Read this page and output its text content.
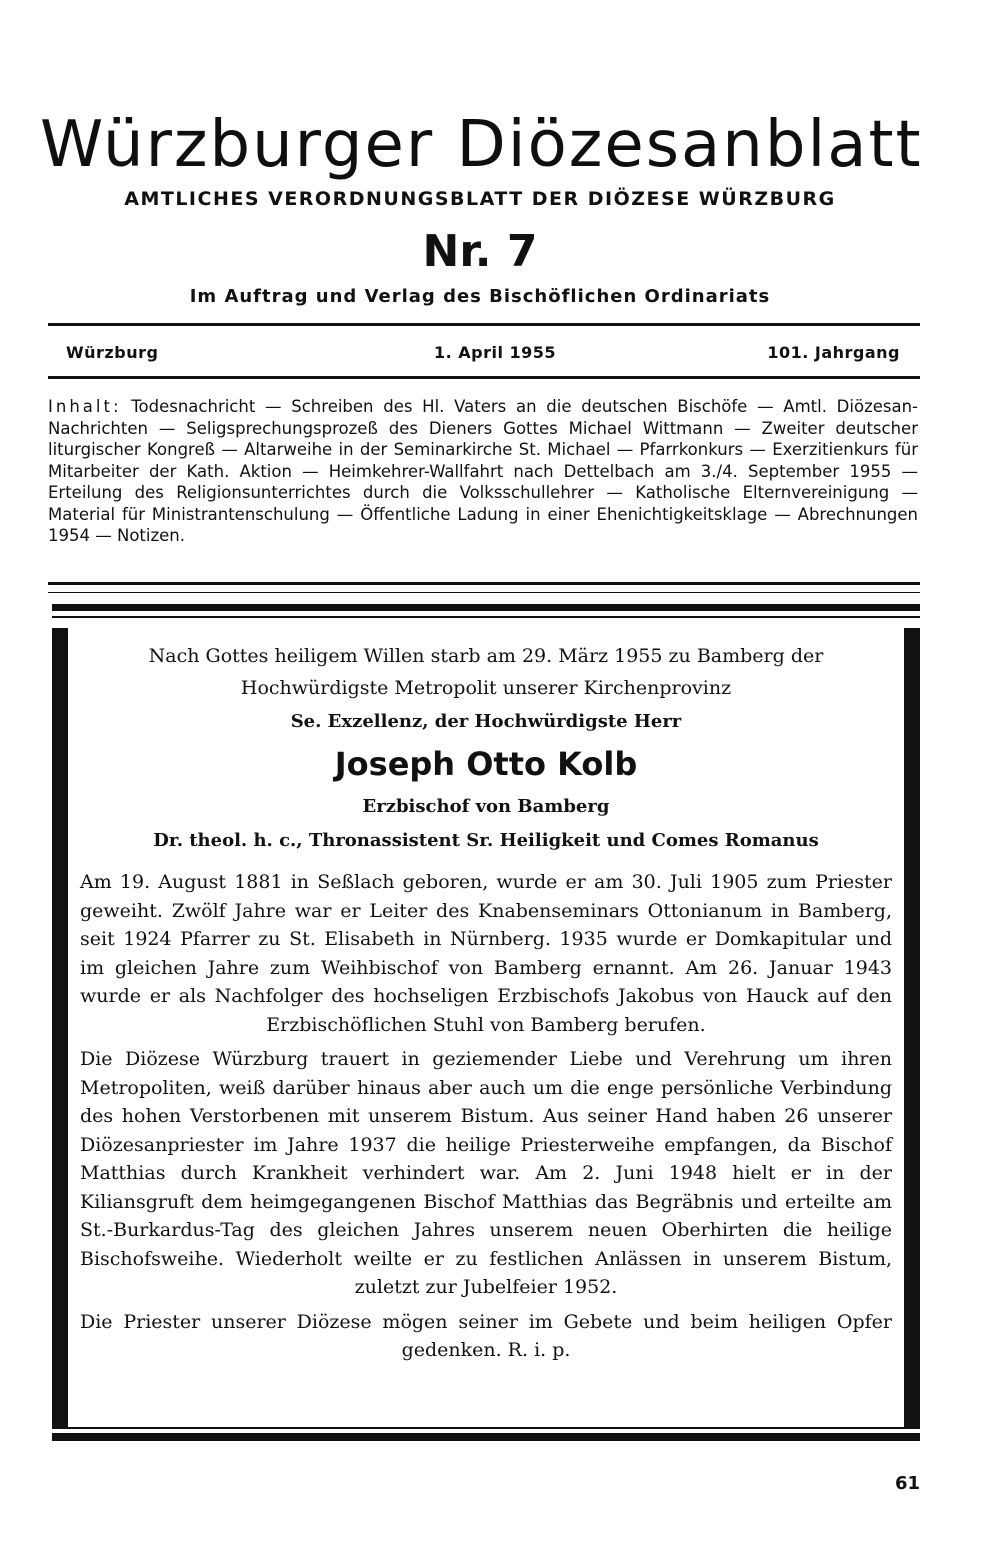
Würzburger Diözesanblatt
AMTLICHES VERORDNUNGSBLATT DER DIÖZESE WÜRZBURG
Nr. 7
Im Auftrag und Verlag des Bischöflichen Ordinariats
Würzburg	1. April 1955	101. Jahrgang

Inhalt: Todesnachricht — Schreiben des Hl. Vaters an die deutschen Bischöfe — Amtl. Diözesan-Nachrichten — Seligsprechungsprozeß des Dieners Gottes Michael Wittmann — Zweiter deutscher liturgischer Kongreß — Altarweihe in der Seminarkirche St. Michael — Pfarrkonkurs — Exerzitienkurs für Mitarbeiter der Kath. Aktion — Heimkehrer-Wallfahrt nach Dettelbach am 3./4. September 1955 — Erteilung des Religionsunterrichtes durch die Volksschullehrer — Katholische Elternvereinigung — Material für Ministrantenschulung — Öffentliche Ladung in einer Ehenichtigkeitsklage — Abrechnungen 1954 — Notizen.

Nach Gottes heiligem Willen starb am 29. März 1955 zu Bamberg der Hochwürdigste Metropolit unserer Kirchenprovinz

Se. Exzellenz, der Hochwürdigste Herr

Joseph Otto Kolb

Erzbischof von Bamberg

Dr. theol. h. c., Thronassistent Sr. Heiligkeit und Comes Romanus

Am 19. August 1881 in Seßlach geboren, wurde er am 30. Juli 1905 zum Priester geweiht. Zwölf Jahre war er Leiter des Knabenseminars Ottonianum in Bamberg, seit 1924 Pfarrer zu St. Elisabeth in Nürnberg. 1935 wurde er Domkapitular und im gleichen Jahre zum Weihbischof von Bamberg ernannt. Am 26. Januar 1943 wurde er als Nachfolger des hochseligen Erzbischofs Jakobus von Hauck auf den Erzbischöflichen Stuhl von Bamberg berufen.

Die Diözese Würzburg trauert in geziemender Liebe und Verehrung um ihren Metropoliten, weiß darüber hinaus aber auch um die enge persönliche Verbindung des hohen Verstorbenen mit unserem Bistum. Aus seiner Hand haben 26 unserer Diözesanpriester im Jahre 1937 die heilige Priesterweihe empfangen, da Bischof Matthias durch Krankheit verhindert war. Am 2. Juni 1948 hielt er in der Kiliansgruft dem heimgegangenen Bischof Matthias das Begräbnis und erteilte am St.-Burkardus-Tag des gleichen Jahres unserem neuen Oberhirten die heilige Bischofsweihe. Wiederholt weilte er zu festlichen Anlässen in unserem Bistum, zuletzt zur Jubelfeier 1952.

Die Priester unserer Diözese mögen seiner im Gebete und beim heiligen Opfer gedenken. R. i. p.

61
